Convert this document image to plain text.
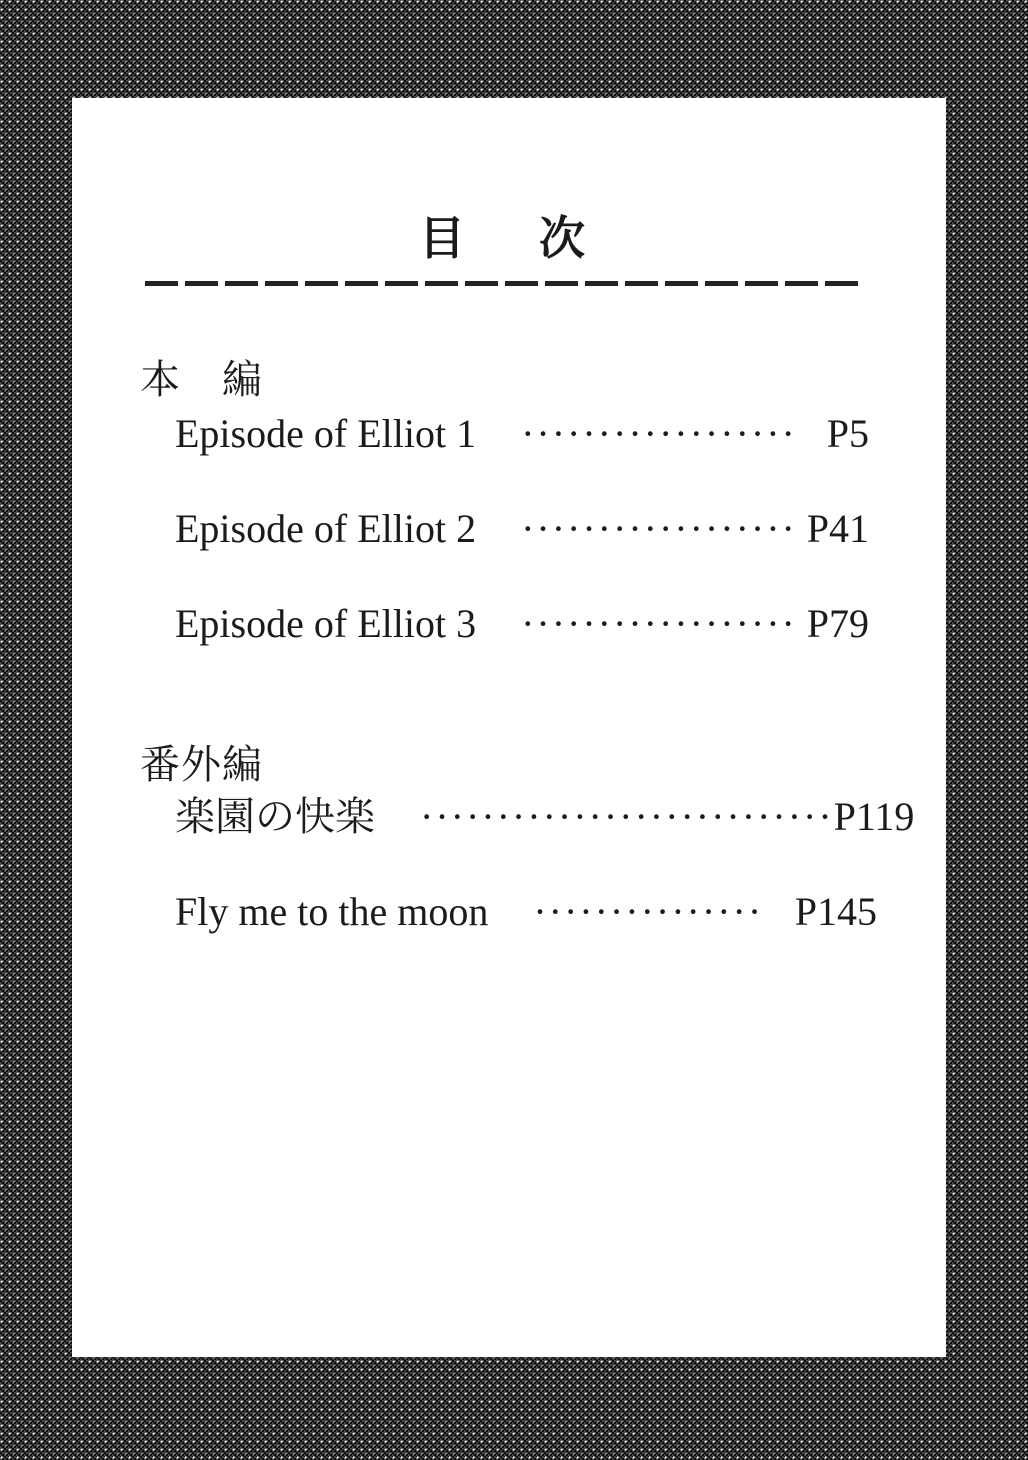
目　次
本　編
Episode of Elliot 1 ·················· P5
Episode of Elliot 2 ·················· P41
Episode of Elliot 3 ·················· P79
番外編
楽園の快楽 ··························· P119
Fly me to the moon ··············· P145
